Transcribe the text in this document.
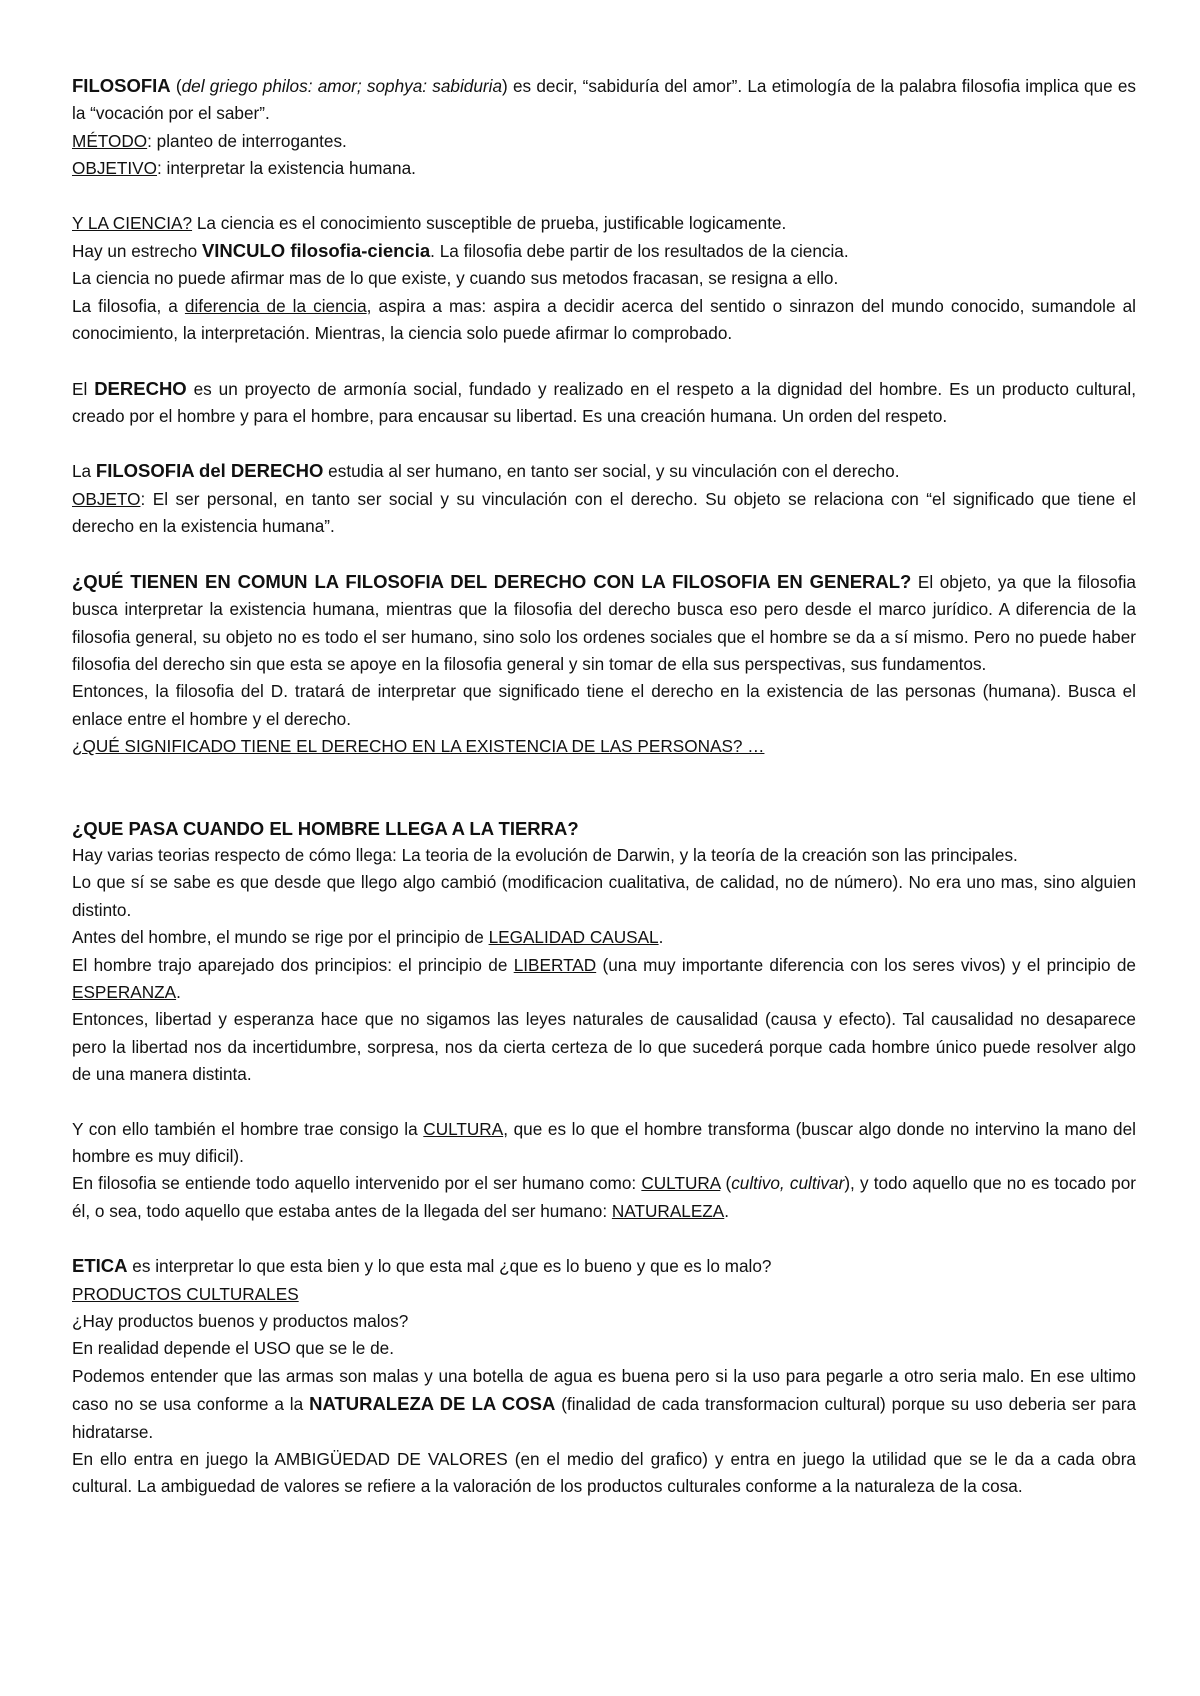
FILOSOFIA (del griego philos: amor; sophya: sabiduria) es decir, “sabiduría del amor”. La etimología de la palabra filosofia implica que es la “vocación por el saber”.

MÉTODO: planteo de interrogantes.

OBJETIVO: interpretar la existencia humana.

Y LA CIENCIA? La ciencia es el conocimiento susceptible de prueba, justificable logicamente.

Hay un estrecho VINCULO filosofia-ciencia. La filosofia debe partir de los resultados de la ciencia.

La ciencia no puede afirmar mas de lo que existe, y cuando sus metodos fracasan, se resigna a ello.

La filosofia, a diferencia de la ciencia, aspira a mas: aspira a decidir acerca del sentido o sinrazon del mundo conocido, sumandole al conocimiento, la interpretación. Mientras, la ciencia solo puede afirmar lo comprobado.

El DERECHO es un proyecto de armonía social, fundado y realizado en el respeto a la dignidad del hombre. Es un producto cultural, creado por el hombre y para el hombre, para encausar su libertad. Es una creación humana. Un orden del respeto.

La FILOSOFIA del DERECHO estudia al ser humano, en tanto ser social, y su vinculación con el derecho.

OBJETO: El ser personal, en tanto ser social y su vinculación con el derecho. Su objeto se relaciona con “el significado que tiene el derecho en la existencia humana”.

¿QUÉ TIENEN EN COMUN LA FILOSOFIA DEL DERECHO CON LA FILOSOFIA EN GENERAL? El objeto, ya que la filosofia busca interpretar la existencia humana, mientras que la filosofia del derecho busca eso pero desde el marco jurídico. A diferencia de la filosofia general, su objeto no es todo el ser humano, sino solo los ordenes sociales que el hombre se da a sí mismo. Pero no puede haber filosofia del derecho sin que esta se apoye en la filosofia general y sin tomar de ella sus perspectivas, sus fundamentos.

Entonces, la filosofia del D. tratará de interpretar que significado tiene el derecho en la existencia de las personas (humana). Busca el enlace entre el hombre y el derecho.

¿QUÉ SIGNIFICADO TIENE EL DERECHO EN LA EXISTENCIA DE LAS PERSONAS? …

¿QUE PASA CUANDO EL HOMBRE LLEGA A LA TIERRA?

Hay varias teorias respecto de cómo llega: La teoria de la evolución de Darwin, y la teoría de la creación son las principales.

Lo que sí se sabe es que desde que llego algo cambió (modificacion cualitativa, de calidad, no de número). No era uno mas, sino alguien distinto.

Antes del hombre, el mundo se rige por el principio de LEGALIDAD CAUSAL.

El hombre trajo aparejado dos principios: el principio de LIBERTAD (una muy importante diferencia con los seres vivos) y el principio de ESPERANZA.

Entonces, libertad y esperanza hace que no sigamos las leyes naturales de causalidad (causa y efecto). Tal causalidad no desaparece pero la libertad nos da incertidumbre, sorpresa, nos da cierta certeza de lo que sucederá porque cada hombre único puede resolver algo de una manera distinta.

Y con ello también el hombre trae consigo la CULTURA, que es lo que el hombre transforma (buscar algo donde no intervino la mano del hombre es muy dificil).

En filosofia se entiende todo aquello intervenido por el ser humano como: CULTURA (cultivo, cultivar), y todo aquello que no es tocado por él, o sea, todo aquello que estaba antes de la llegada del ser humano: NATURALEZA.

ETICA es interpretar lo que esta bien y lo que esta mal ¿que es lo bueno y que es lo malo?

PRODUCTOS CULTURALES

¿Hay productos buenos y productos malos?

En realidad depende el USO que se le de.

Podemos entender que las armas son malas y una botella de agua es buena pero si la uso para pegarle a otro seria malo. En ese ultimo caso no se usa conforme a la NATURALEZA DE LA COSA (finalidad de cada transformacion cultural) porque su uso deberia ser para hidratarse.

En ello entra en juego la AMBIGÜEDAD DE VALORES (en el medio del grafico) y entra en juego la utilidad que se le da a cada obra cultural. La ambiguedad de valores se refiere a la valoración de los productos culturales conforme a la naturaleza de la cosa.
